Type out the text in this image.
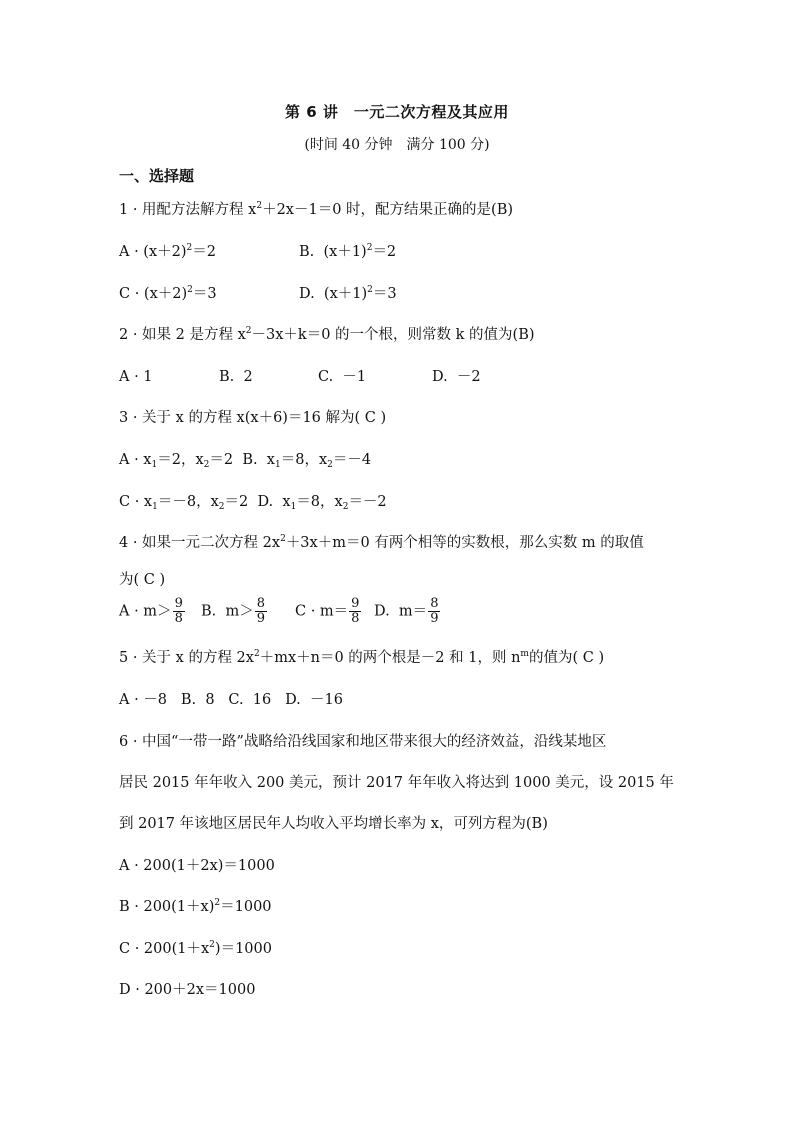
第 6 讲　一元二次方程及其应用
(时间 40 分钟　满分 100 分)
一、选择题
1 · 用配方法解方程 $x^2+2x-1=0$ 时，配方结果正确的是(B)
$A \cdot (x+2)^2=2$	B.  $(x+1)^2=2$
$C \cdot (x+2)^2=3$	D.  $(x+1)^2=3$
2 · 如果 2 是方程 $x^2-3x+k=0$ 的一个根，则常数 k 的值为(B)
A · 1	B.  2	C.  －1	D.  －2
3 · 关于 x 的方程 x(x＋6)＝16 解为( C )
$A \cdot x_1=2$，$x_2=2$ B.  $x_1=8$，$x_2=-4$
$C \cdot x_1=-8$，$x_2=2$ D.  $x_1=8$，$x_2=-2$
4 · 如果一元二次方程 $2x^2+3x+m=0$ 有两个相等的实数根，那么实数 m 的取值
为( C )
$A \cdot m> \frac{9}{8} B$.  $m> \frac{8}{9}$ $C \cdot m= \frac{9}{8} D$.  $m= \frac{8}{9}$
5 · 关于 x 的方程 $2x^2+mx+n=0$ 的两个根是－2 和 1，则 $n^m$的值为( C )
A · －8   B.  8   C.  16   D.  －16
6 · 中国“一带一路”战略给沿线国家和地区带来很大的经济效益，沿线某地区
居民 2015 年年收入 200 美元，预计 2017 年年收入将达到 1000 美元，设 2015 年
到 2017 年该地区居民年人均收入平均增长率为 x，可列方程为(B)
A · 200(1＋2x)＝1000
$B \cdot 200(1+x)^2=1000$
$C \cdot 200(1+x^2)=1000$
D · 200＋2x＝1000
